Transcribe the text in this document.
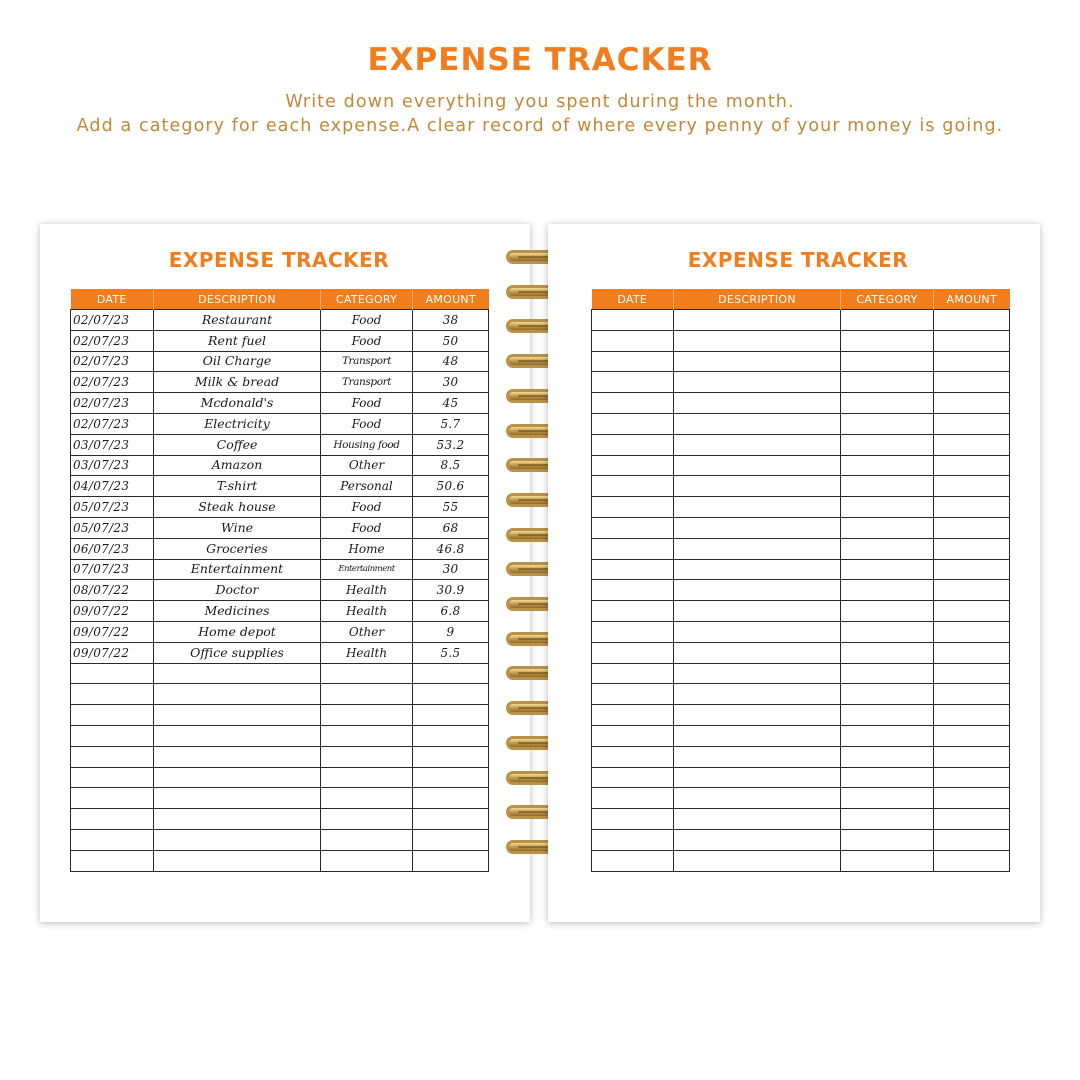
EXPENSE TRACKER
Write down everything you spent during the month.
Add a category for each expense.A clear record of where every penny of your money is going.
EXPENSE TRACKER
DATE	DESCRIPTION	CATEGORY	AMOUNT
02/07/23	Restaurant	Food	38
02/07/23	Rent fuel	Food	50
02/07/23	Oil Charge	Transport	48
02/07/23	Milk & bread	Transport	30
02/07/23	Mcdonald's	Food	45
02/07/23	Electricity	Food	5.7
03/07/23	Coffee	Housing food	53.2
03/07/23	Amazon	Other	8.5
04/07/23	T-shirt	Personal	50.6
05/07/23	Steak house	Food	55
05/07/23	Wine	Food	68
06/07/23	Groceries	Home	46.8
07/07/23	Entertainment	Entertainment	30
08/07/22	Doctor	Health	30.9
09/07/22	Medicines	Health	6.8
09/07/22	Home depot	Other	9
09/07/22	Office supplies	Health	5.5

EXPENSE TRACKER
DATE	DESCRIPTION	CATEGORY	AMOUNT
